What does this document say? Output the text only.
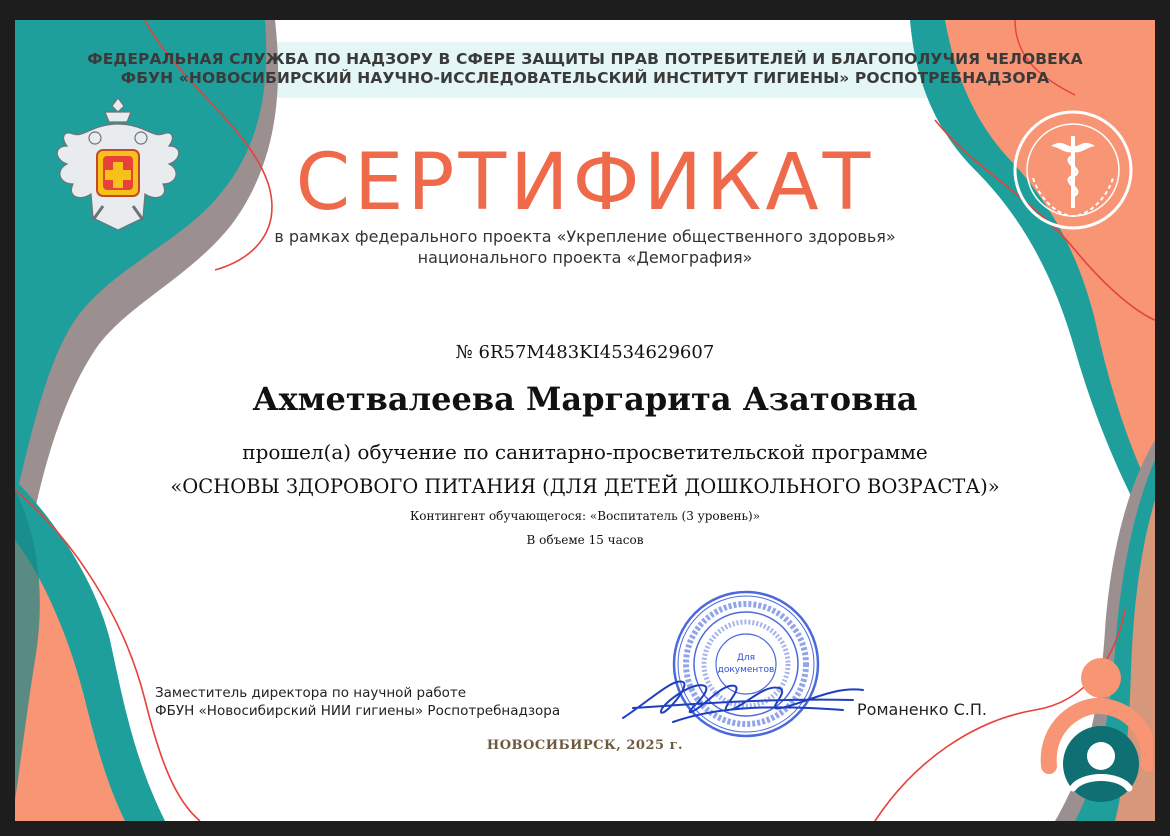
ФЕДЕРАЛЬНАЯ СЛУЖБА ПО НАДЗОРУ В СФЕРЕ ЗАЩИТЫ ПРАВ ПОТРЕБИТЕЛЕЙ И БЛАГОПОЛУЧИЯ ЧЕЛОВЕКА
ФБУН «НОВОСИБИРСКИЙ НАУЧНО-ИССЛЕДОВАТЕЛЬСКИЙ ИНСТИТУТ ГИГИЕНЫ» РОСПОТРЕБНАДЗОРА
СЕРТИФИКАТ
в рамках федерального проекта «Укрепление общественного здоровья»
национального проекта «Демография»
№ 6R57M483KI4534629607
Ахметвалеева Маргарита Азатовна
прошел(а) обучение по санитарно-просветительской программе
«ОСНОВЫ ЗДОРОВОГО ПИТАНИЯ (ДЛЯ ДЕТЕЙ ДОШКОЛЬНОГО ВОЗРАСТА)»
Контингент обучающегося: «Воспитатель (3 уровень)»
В объеме 15 часов
Для
документов
Заместитель директора по научной работе
ФБУН «Новосибирский НИИ гигиены» Роспотребнадзора	Романенко С.П.
НОВОСИБИРСК, 2025 г.
